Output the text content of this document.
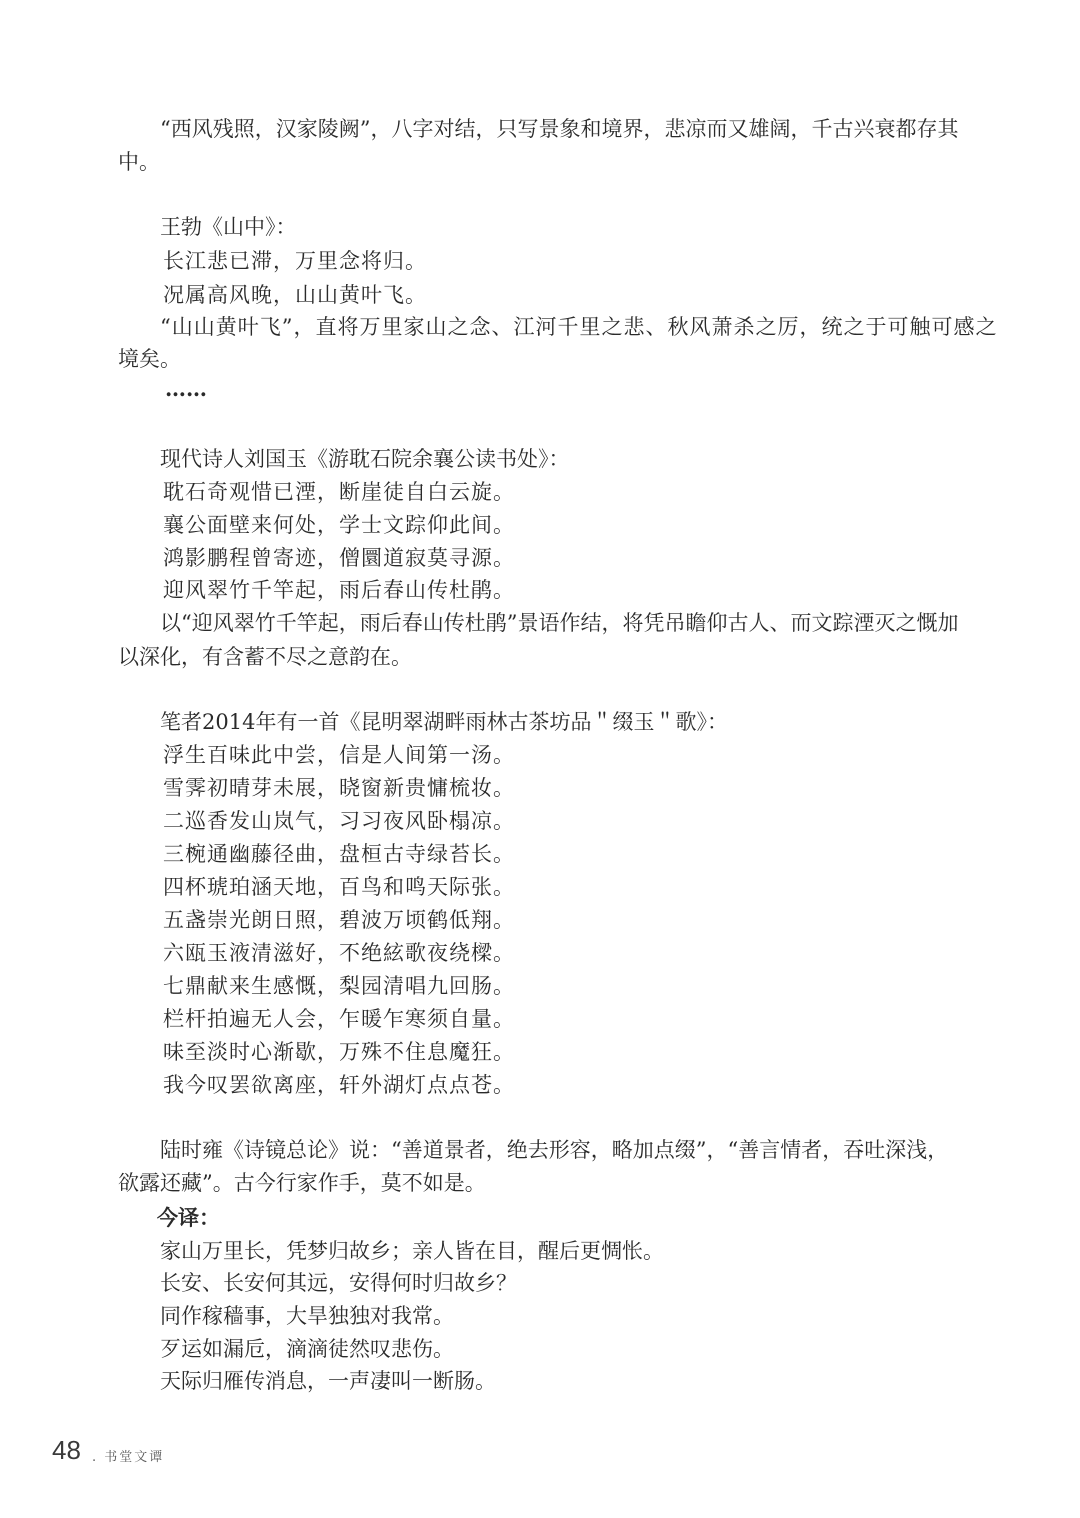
“西风残照，汉家陵阙”，八字对结，只写景象和境界，悲凉而又雄阔，千古兴衰都存其
中。
王勃《山中》：
长江悲已滞，万里念将归。
况属高风晚，山山黄叶飞。
“山山黄叶飞”，直将万里家山之念、江河千里之悲、秋风萧杀之厉，统之于可触可感之
境矣。
……
现代诗人刘国玉《游耽石院余襄公读书处》：
耽石奇观惜已湮，断崖徒自白云旋。
襄公面壁来何处，学士文踪仰此间。
鸿影鹏程曾寄迹，僧圜道寂莫寻源。
迎风翠竹千竿起，雨后春山传杜鹃。
以“迎风翠竹千竿起，雨后春山传杜鹃”景语作结，将凭吊瞻仰古人、而文踪湮灭之慨加
以深化，有含蓄不尽之意韵在。
笔者2014年有一首《昆明翠湖畔雨林古茶坊品＂缀玉＂歌》：
浮生百味此中尝，信是人间第一汤。
雪霁初晴芽未展，晓窗新贵慵梳妆。
二巡香发山岚气，习习夜风卧榻凉。
三椀通幽藤径曲，盘桓古寺绿苔长。
四杯琥珀涵天地，百鸟和鸣天际张。
五盏崇光朗日照，碧波万顷鹤低翔。
六瓯玉液清滋好，不绝絃歌夜绕樑。
七鼎献来生感慨，梨园清唱九回肠。
栏杆拍遍无人会，乍暖乍寒须自量。
味至淡时心渐歇，万殊不住息魔狂。
我今叹罢欲离座，轩外湖灯点点苍。
陆时雍《诗镜总论》说：“善道景者，绝去形容，略加点缀”，“善言情者，吞吐深浅，
欲露还藏”。古今行家作手，莫不如是。
今译：
家山万里长，凭梦归故乡；亲人皆在目，醒后更惆怅。
长安、长安何其远，安得何时归故乡？
同作稼穑事，大旱独独对我常。
歹运如漏卮，滴滴徒然叹悲伤。
天际归雁传消息，一声凄叫一断肠。
48 . 书堂文谭
